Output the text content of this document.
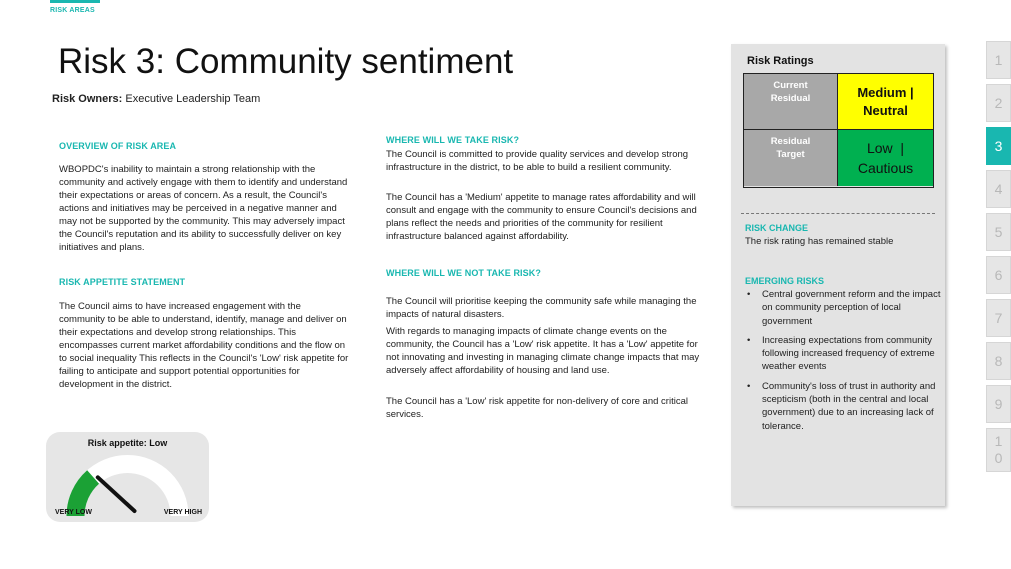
RISK AREAS
Risk 3: Community sentiment
Risk Owners: Executive Leadership Team
OVERVIEW OF RISK AREA
WBOPDC's inability to maintain a strong relationship with the community and actively engage with them to identify and understand their expectations or areas of concern. As a result, the Council's actions and initiatives may be perceived in a negative manner and may not be supported by the community. This may adversely impact the Council's reputation and its ability to successfully deliver on key initiatives and plans.
RISK APPETITE STATEMENT
The Council aims to have increased engagement with the community to be able to understand, identify, manage and deliver on their expectations and develop strong relationships. This encompasses current market affordability conditions and the flow on to social inequality This reflects in the Council's 'Low' risk appetite for failing to anticipate and support potential opportunities for development in the district.
WHERE WILL WE TAKE RISK?
The Council is committed to provide quality services and develop strong infrastructure in the district, to be able to build a resilient community.
The Council has a 'Medium' appetite to manage rates affordability and will consult and engage with the community to ensure Council's decisions and plans reflect the needs and priorities of the community for resilient infrastructure balanced against affordability.
WHERE WILL WE NOT TAKE RISK?
The Council will prioritise keeping the community safe while managing the impacts of natural disasters.
With regards to managing impacts of climate change events on the community, the Council has a 'Low' risk appetite. It has a 'Low' appetite for not innovating and investing in managing climate change impacts that may adversely affect affordability of housing and land use.
The Council has a 'Low' risk appetite for non-delivery of core and critical services.
Risk appetite: Low
VERY LOW	VERY HIGH
Risk Ratings
Current Residual	Medium | Neutral
Residual Target	Low  |  Cautious
RISK CHANGE
The risk rating has remained stable
EMERGING RISKS
• Central government reform and the impact on community perception of local government
• Increasing expectations from community following increased frequency of extreme weather events
• Community's loss of trust in authority and scepticism (both in the central and local government) due to an increasing lack of tolerance.
1
2
3
4
5
6
7
8
9
10
